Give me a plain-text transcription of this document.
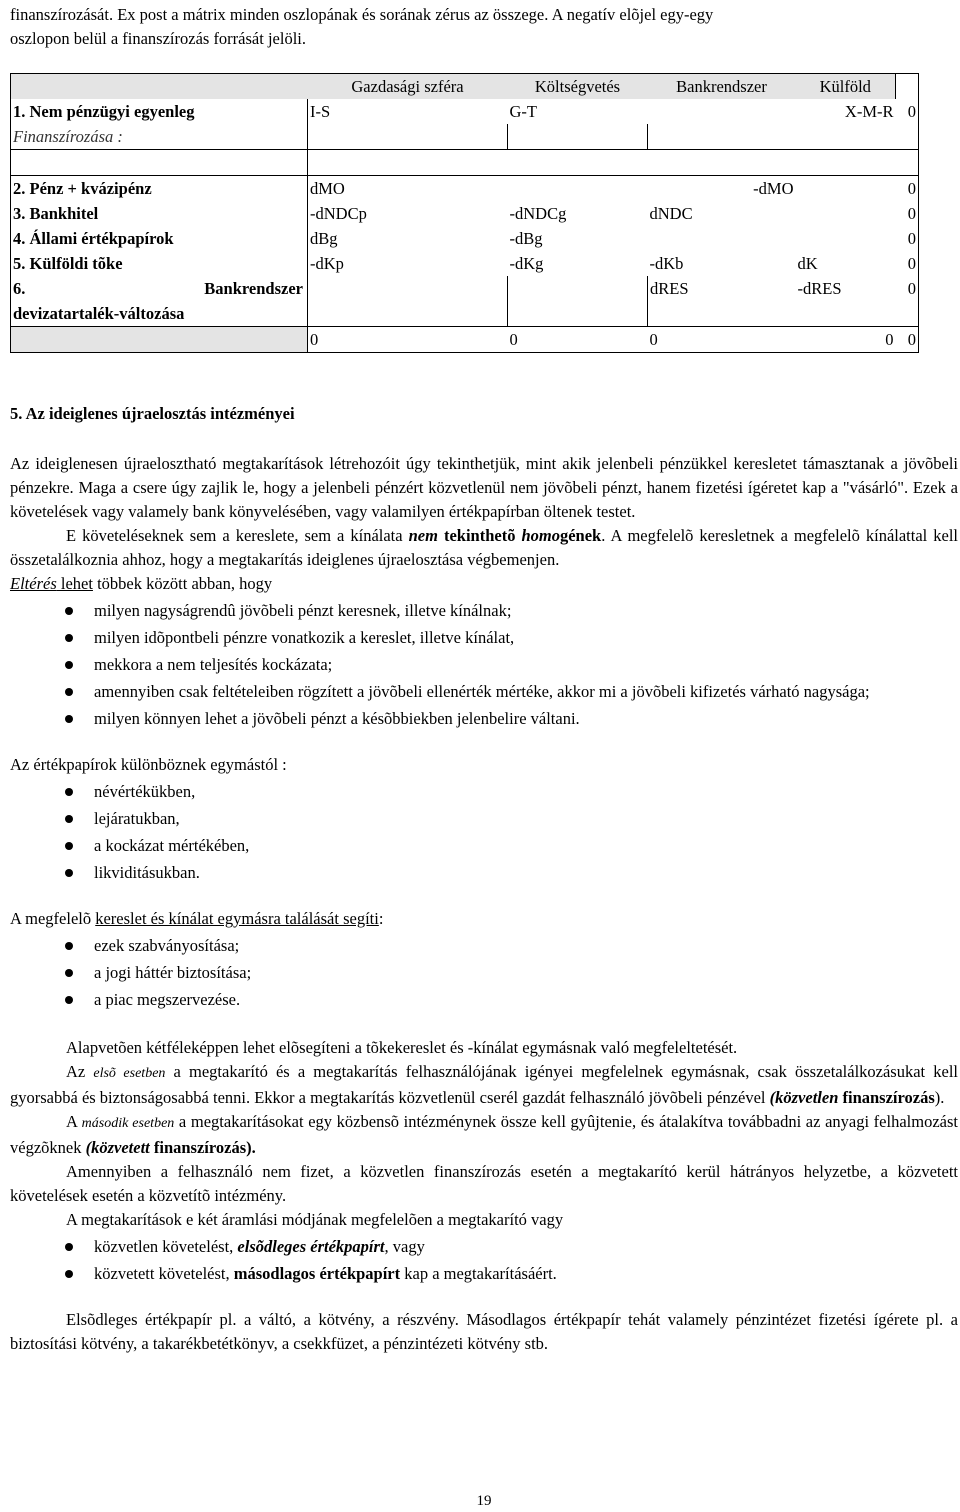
finanszírozását. Ex post a mátrix minden oszlopának és sorának zérus az összege. A negatív elõjel egy-egy

oszlopon belül a finanszírozás forrását jelöli.

	Gazdasági szféra	Költségvetés	Bankrendszer	Külföld	
1. Nem pénzügyi egyenleg	I-S	G-T		X-M-R	0
Finanszírozása :					

2. Pénz + kvázipénz	dMO		-dMO		0
3. Bankhitel	-dNDCp	-dNDCg	dNDC		0
4. Állami értékpapírok	dBg	-dBg			0
5. Külföldi tõke	-dKp	-dKg	-dKb	dK	0
6. Bankrendszer			dRES	-dRES	0
devizatartalék-változása					
	0	0	0	0	0
5. Az ideiglenes újraelosztás intézményei

Az ideiglenesen újraelosztható megtakarítások létrehozóit úgy tekinthetjük, mint akik jelenbeli pénzükkel keresletet támasztanak a jövõbeli pénzekre. Maga a csere úgy zajlik le, hogy a jelenbeli pénzért közvetlenül nem jövõbeli pénzt, hanem fizetési ígéretet kap a "vásárló". Ezek a követelések vagy valamely bank könyvelésében, vagy valamilyen értékpapírban öltenek testet.

E követeléseknek sem a kereslete, sem a kínálata nem tekinthetõ homogének. A megfelelõ keresletnek a megfelelõ kínálattal kell összetalálkoznia ahhoz, hogy a megtakarítás ideiglenes újraelosztása végbemenjen.

Eltérés lehet többek között abban, hogy

milyen nagyságrendû jövõbeli pénzt keresnek, illetve kínálnak;
milyen idõpontbeli pénzre vonatkozik a kereslet, illetve kínálat,
mekkora a nem teljesítés kockázata;
amennyiben csak feltételeiben rögzített a jövõbeli ellenérték mértéke, akkor mi a jövõbeli kifizetés várható nagysága;
milyen könnyen lehet a jövõbeli pénzt a késõbbiekben jelenbelire váltani.

Az értékpapírok különböznek egymástól :

névértékükben,
lejáratukban,
a kockázat mértékében,
likviditásukban.

A megfelelõ kereslet és kínálat egymásra találását segíti:

ezek szabványosítása;
a jogi háttér biztosítása;
a piac megszervezése.

Alapvetõen kétféleképpen lehet elõsegíteni a tõkekereslet és -kínálat egymásnak való megfeleltetését.

Az elsõ esetben a megtakarító és a megtakarítás felhasználójának igényei megfelelnek egymásnak, csak összetalálkozásukat kell gyorsabbá és biztonságosabbá tenni. Ekkor a megtakarítás közvetlenül cserél gazdát felhasználó jövõbeli pénzével (közvetlen finanszírozás).

A második esetben a megtakarításokat egy közbensõ intézménynek össze kell gyûjtenie, és átalakítva továbbadni az anyagi felhalmozást végzõknek (közvetett finanszírozás).

Amennyiben a felhasználó nem fizet, a közvetlen finanszírozás esetén a megtakarító kerül hátrányos helyzetbe, a közvetett követelések esetén a közvetítõ intézmény.

A megtakarítások e két áramlási módjának megfelelõen a megtakarító vagy

közvetlen követelést, elsõdleges értékpapírt, vagy
közvetett követelést, másodlagos értékpapírt kap a megtakarításáért.

Elsõdleges értékpapír pl. a váltó, a kötvény, a részvény. Másodlagos értékpapír tehát valamely pénzintézet fizetési ígérete pl. a biztosítási kötvény, a takarékbetétkönyv, a csekkfüzet, a pénzintézeti kötvény stb.

19
